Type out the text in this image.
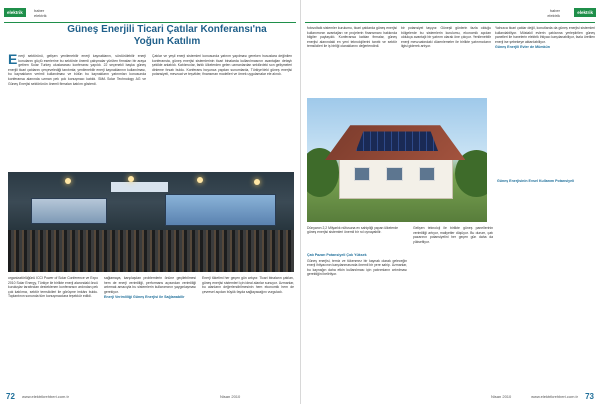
elektrik	haber
elektrik
Güneş Enerjili Ticari Çatılar Konferansı'na
Yoğun Katılım
E nerji sektörünü, gelişen yenilenebilir enerji kaynaklarını, sürdürülebilir enerji konularını güçlü eserlerine bu sektörde önemli çalışmalar yürüten firmaları bir araya getiren Solar Turkey uluslararası konferansı yapıldı. 22 seçenekli başka güneş enerjili ticari çatılarını çerçevelediği tanıtımla; yenilenebilir enerji kaynaklarının kullanılması, bu kaynakların verimli kullanılması ve bütün bu kaynakların yatırımları konusunda konferansa alanında uzman pek çok konuşmacı katıldı. SMA Solar Technology AG ve Güneş Enerjisi sektörünün önemli firmaları katılım gösterdi.
Çatılar ve yeşil enerji sistemleri konusunda yatırım yapılması gereken hususlara değinilen konferansta, güneş enerjisi sistemlerinin ticari binalarda kullanılmasının avantajları detaylı şekilde anlatıldı. Katılımcılar, farklı ülkelerden gelen uzmanlardan sektördeki son gelişmeleri dinleme fırsatı buldu. Konferans boyunca yapılan sunumlarda, Türkiye'deki güneş enerjisi potansiyeli, mevzuat ve teşvikler, finansman modelleri ve örnek uygulamalar ele alındı.
organizatörlüğünü ICCI Power of Solar Conference ve Expo 2010 Solar Energy, Türkiye ile birlikte enerji alanındaki öncü kuruluşlar tarafından desteklenen konferansın ardından pek çok katılımcı, sektör temsilcileri ile görüşme imkânı buldu. Toplantının sonunda tüm konuşmacılara teşekkür edildi.
sağlamaya, karşılaşılan problemlerin önüne geçilebilmesi hem de enerji verimliliği, performans açısından verimliliği artırmak amacıyla bu sistemlerin kullanımının yaygınlaşması gerekiyor.
Enerji Verimliliği Güneş Enerjisi ile Sağlanabilir
Enerji tüketimi her geçen gün artıyor. Ticari binaların çatıları, güneş enerjisi sistemleri için ideal alanlar sunuyor. Uzmanlar, bu alanların değerlendirilmesinin hem ekonomik hem de çevresel açıdan büyük fayda sağlayacağını vurguladı.
72 www.elektrikrehberi.com.tr	Nisan 2010
elektrik
haber
elektrik
fotovoltaik sistemler kurulumu, ticari çatılarda güneş enerjisi kullanımının avantajları ve projelerin finansmanı hakkında bilgiler paylaşıldı. Konferansa katılan firmalar, güneş enerjisi alanındaki en yeni teknolojilerini tanıttı ve sektör temsilcileri ile iş birliği olanaklarını değerlendirdi.
bir potansiyel taşıyor. Güneşli günlerin fazla olduğu bölgelerde bu sistemlerin kurulumu, ekonomik açıdan oldukça avantajlı bir yatırım olarak öne çıkıyor. Yenilenebilir enerji mevzuatındaki düzenlemeler ile birlikte yatırımcıların ilgisi giderek artıyor.
Yalnızca ticari çatılar değil, konutlarda da güneş enerjisi sistemleri kullanılabiliyor. Müstakil evlerin çatılarına yerleştirilen güneş panelleri ile hanelerin elektrik ihtiyacı karşılanabiliyor, fazla üretilen enerji ise şebekeye aktarılabiliyor.
Güneş Enerjili Evler de Mümkün
Dünyanın 2,2 Milyarlık nüfusuna ev sahipliği yapan ülkelerde güneş enerjisi sistemleri önemli bir rol oynayabilir.
Çatı Pazarı Potansiyeli Çok Yüksek
Güneş enerjisi, temiz ve tükenmez bir kaynak olarak geleceğin enerji ihtiyacının karşılanmasında önemli bir yere sahip. Uzmanlar, bu kaynağın daha etkin kullanılması için yatırımların artırılması gerektiğini belirtiyor.
Gelişen teknoloji ile birlikte güneş panellerinin verimliliği artıyor, maliyetler düşüyor. Bu durum, çatı pazarının potansiyelini her geçen gün daha da yükseltiyor.
Güneş Enerjisinin Evsel Kullanım Potansiyeli
73
www.elektrikrehberi.com.tr
Nisan 2010
